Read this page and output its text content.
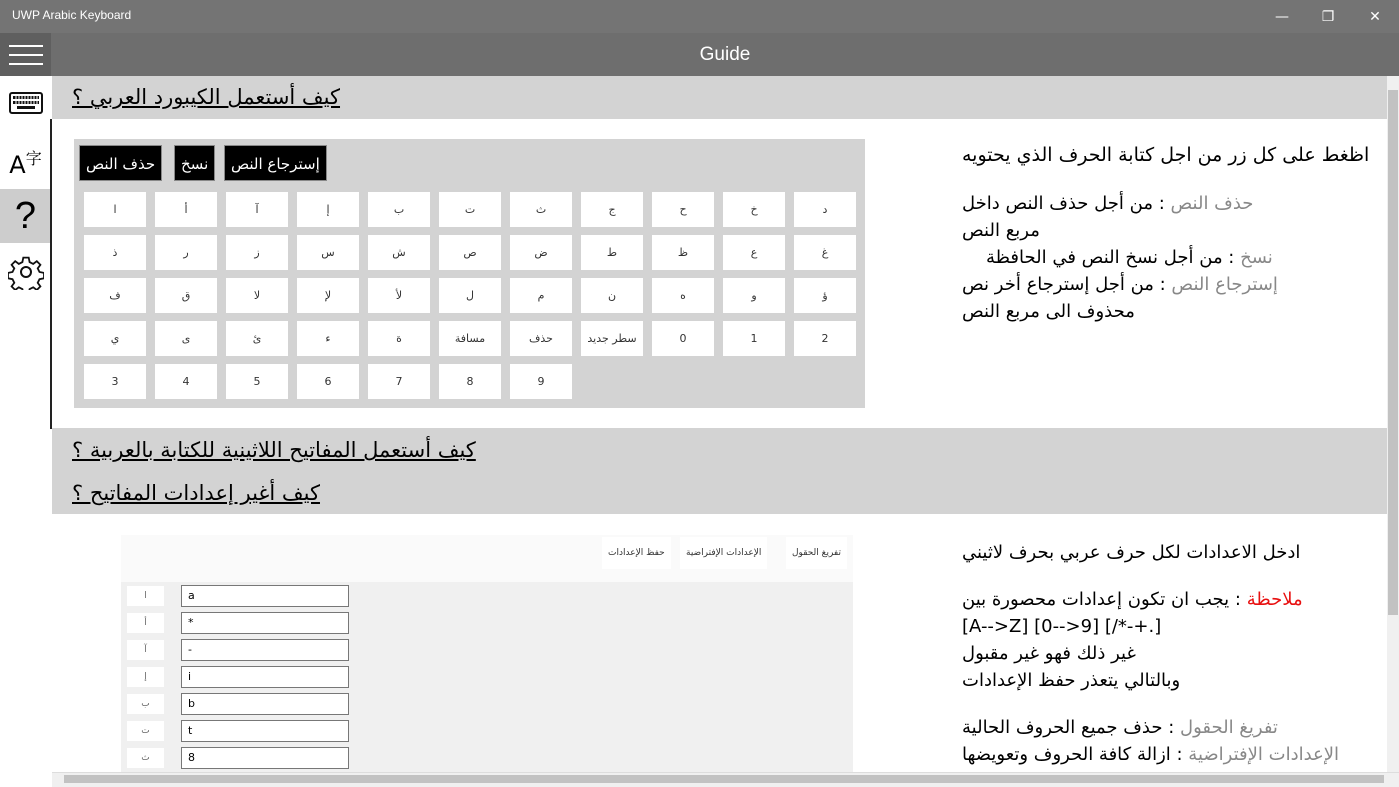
UWP Arabic Keyboard	—	❐	✕
Guide
$A^字$
?
كيف أستعمل الكيبورد العربي ؟
حذف النص	نسخ	إسترجاع النص
ا	أ	آ	إ	ب	ت	ث	ج	ح	خ	د
ذ	ر	ز	س	ش	ص	ض	ط	ظ	ع	غ
ف	ق	لا	لإ	لأ	ل	م	ن	ه	و	ؤ
ي	ى	ئ	ء	ة	مسافة	حذف	سطر جديد	0	1	2
3	4	5	6	7	8	9
اظغط على كل زر من اجل كتابة الحرف الذي يحتويه
حذف النص : من أجل حذف النص داخل مربع النص
نسخ : من أجل نسخ النص في الحافظة
إسترجاع النص : من أجل إسترجاع أخر نص محذوف الى مربع النص
كيف أستعمل المفاتيح اللاثينية للكتابة بالعربية ؟
كيف أغير إعدادات المفاتيح ؟
حفظ الإعدادات	الإعدادات الإفتراضية	تفريغ الحقول
ا	a
أ	*
آ	-
إ	i
ب	b
ت	t
ث	8
ادخل الاعدادات لكل حرف عربي بحرف لاثيني
ملاحظة : يجب ان تكون إعدادات محصورة بين
[A-->Z] [0-->9] [/*-+.]
غير ذلك فهو غير مقبول
وبالتالي يتعذر حفظ الإعدادات
تفريغ الحقول : حذف جميع الحروف الحالية
الإعدادات الإفتراضية : ازالة كافة الحروف وتعويضها
